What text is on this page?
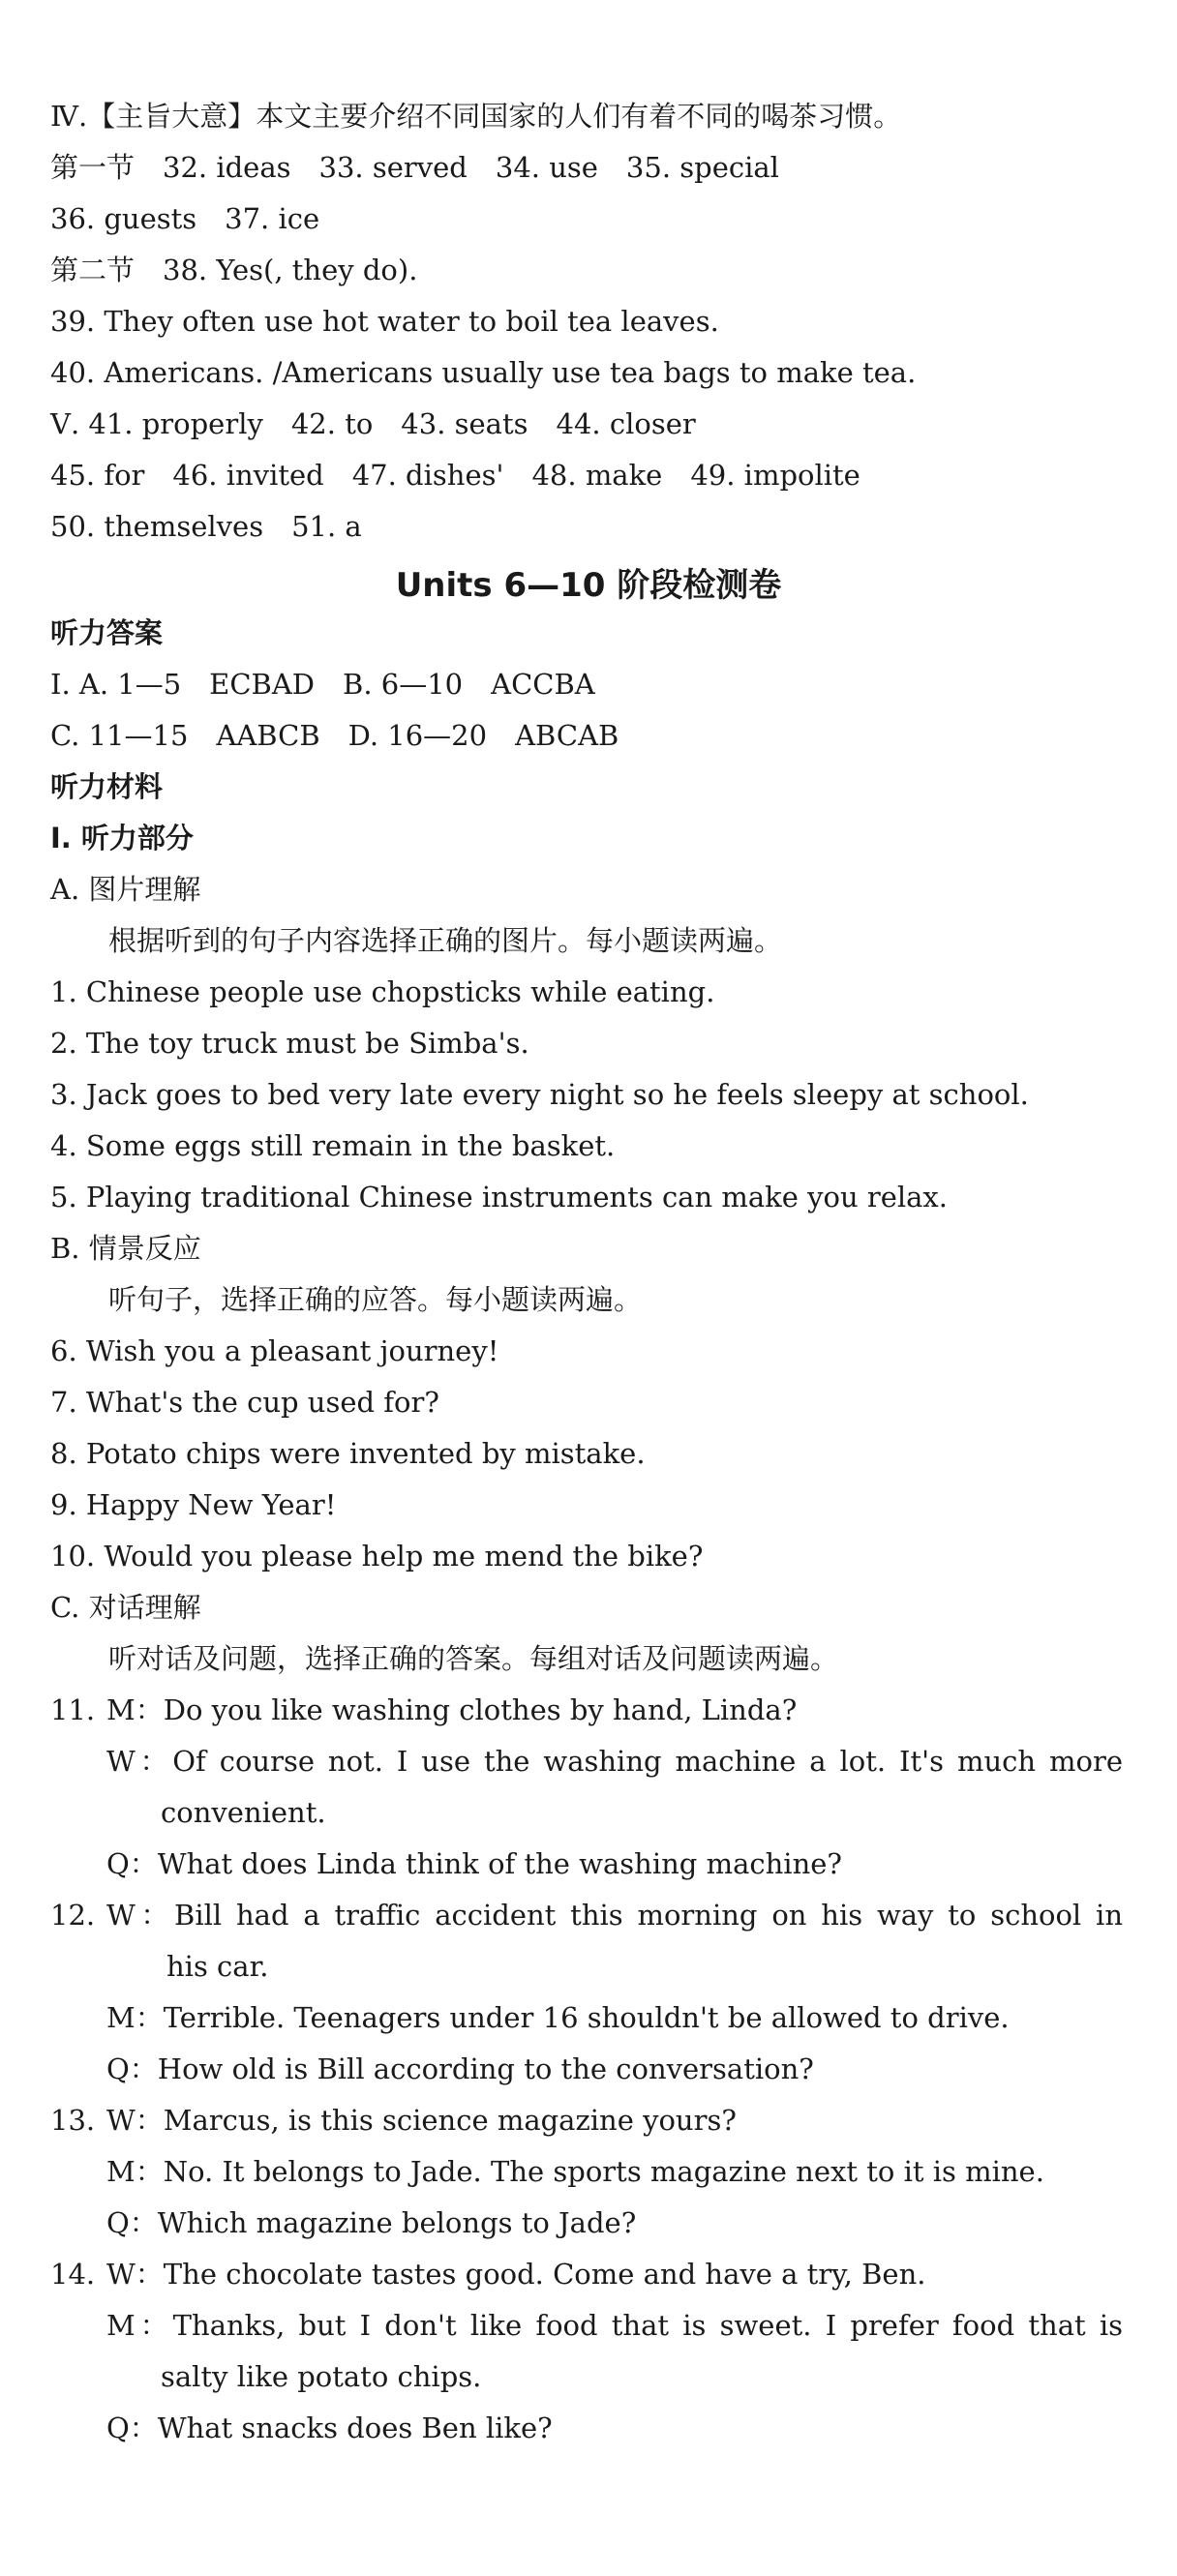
Ⅳ.【主旨大意】本文主要介绍不同国家的人们有着不同的喝茶习惯。
第一节　32. ideas　33. served　34. use　35. special
36. guests　37. ice
第二节　38. Yes(, they do).
39. They often use hot water to boil tea leaves.
40. Americans. /Americans usually use tea bags to make tea.
Ⅴ. 41. properly　42. to　43. seats　44. closer
45. for　46. invited　47. dishes'　48. make　49. impolite
50. themselves　51. a
Units 6—10 阶段检测卷
听力答案
Ⅰ. A. 1—5　ECBAD　B. 6—10　ACCBA
C. 11—15　AABCB　D. 16—20　ABCAB
听力材料
Ⅰ. 听力部分
A. 图片理解
根据听到的句子内容选择正确的图片。每小题读两遍。
1. Chinese people use chopsticks while eating.
2. The toy truck must be Simba's.
3. Jack goes to bed very late every night so he feels sleepy at school.
4. Some eggs still remain in the basket.
5. Playing traditional Chinese instruments can make you relax.
B. 情景反应
听句子，选择正确的应答。每小题读两遍。
6. Wish you a pleasant journey!
7. What's the cup used for?
8. Potato chips were invented by mistake.
9. Happy New Year!
10. Would you please help me mend the bike?
C. 对话理解
听对话及问题，选择正确的答案。每组对话及问题读两遍。
11. M：Do you like washing clothes by hand, Linda?
W：Of course not. I use the washing machine a lot. It's much more
convenient.
Q：What does Linda think of the washing machine?
12. W：Bill had a traffic accident this morning on his way to school in
his car.
M：Terrible. Teenagers under 16 shouldn't be allowed to drive.
Q：How old is Bill according to the conversation?
13. W：Marcus, is this science magazine yours?
M：No. It belongs to Jade. The sports magazine next to it is mine.
Q：Which magazine belongs to Jade?
14. W：The chocolate tastes good. Come and have a try, Ben.
M：Thanks, but I don't like food that is sweet. I prefer food that is
salty like potato chips.
Q：What snacks does Ben like?
